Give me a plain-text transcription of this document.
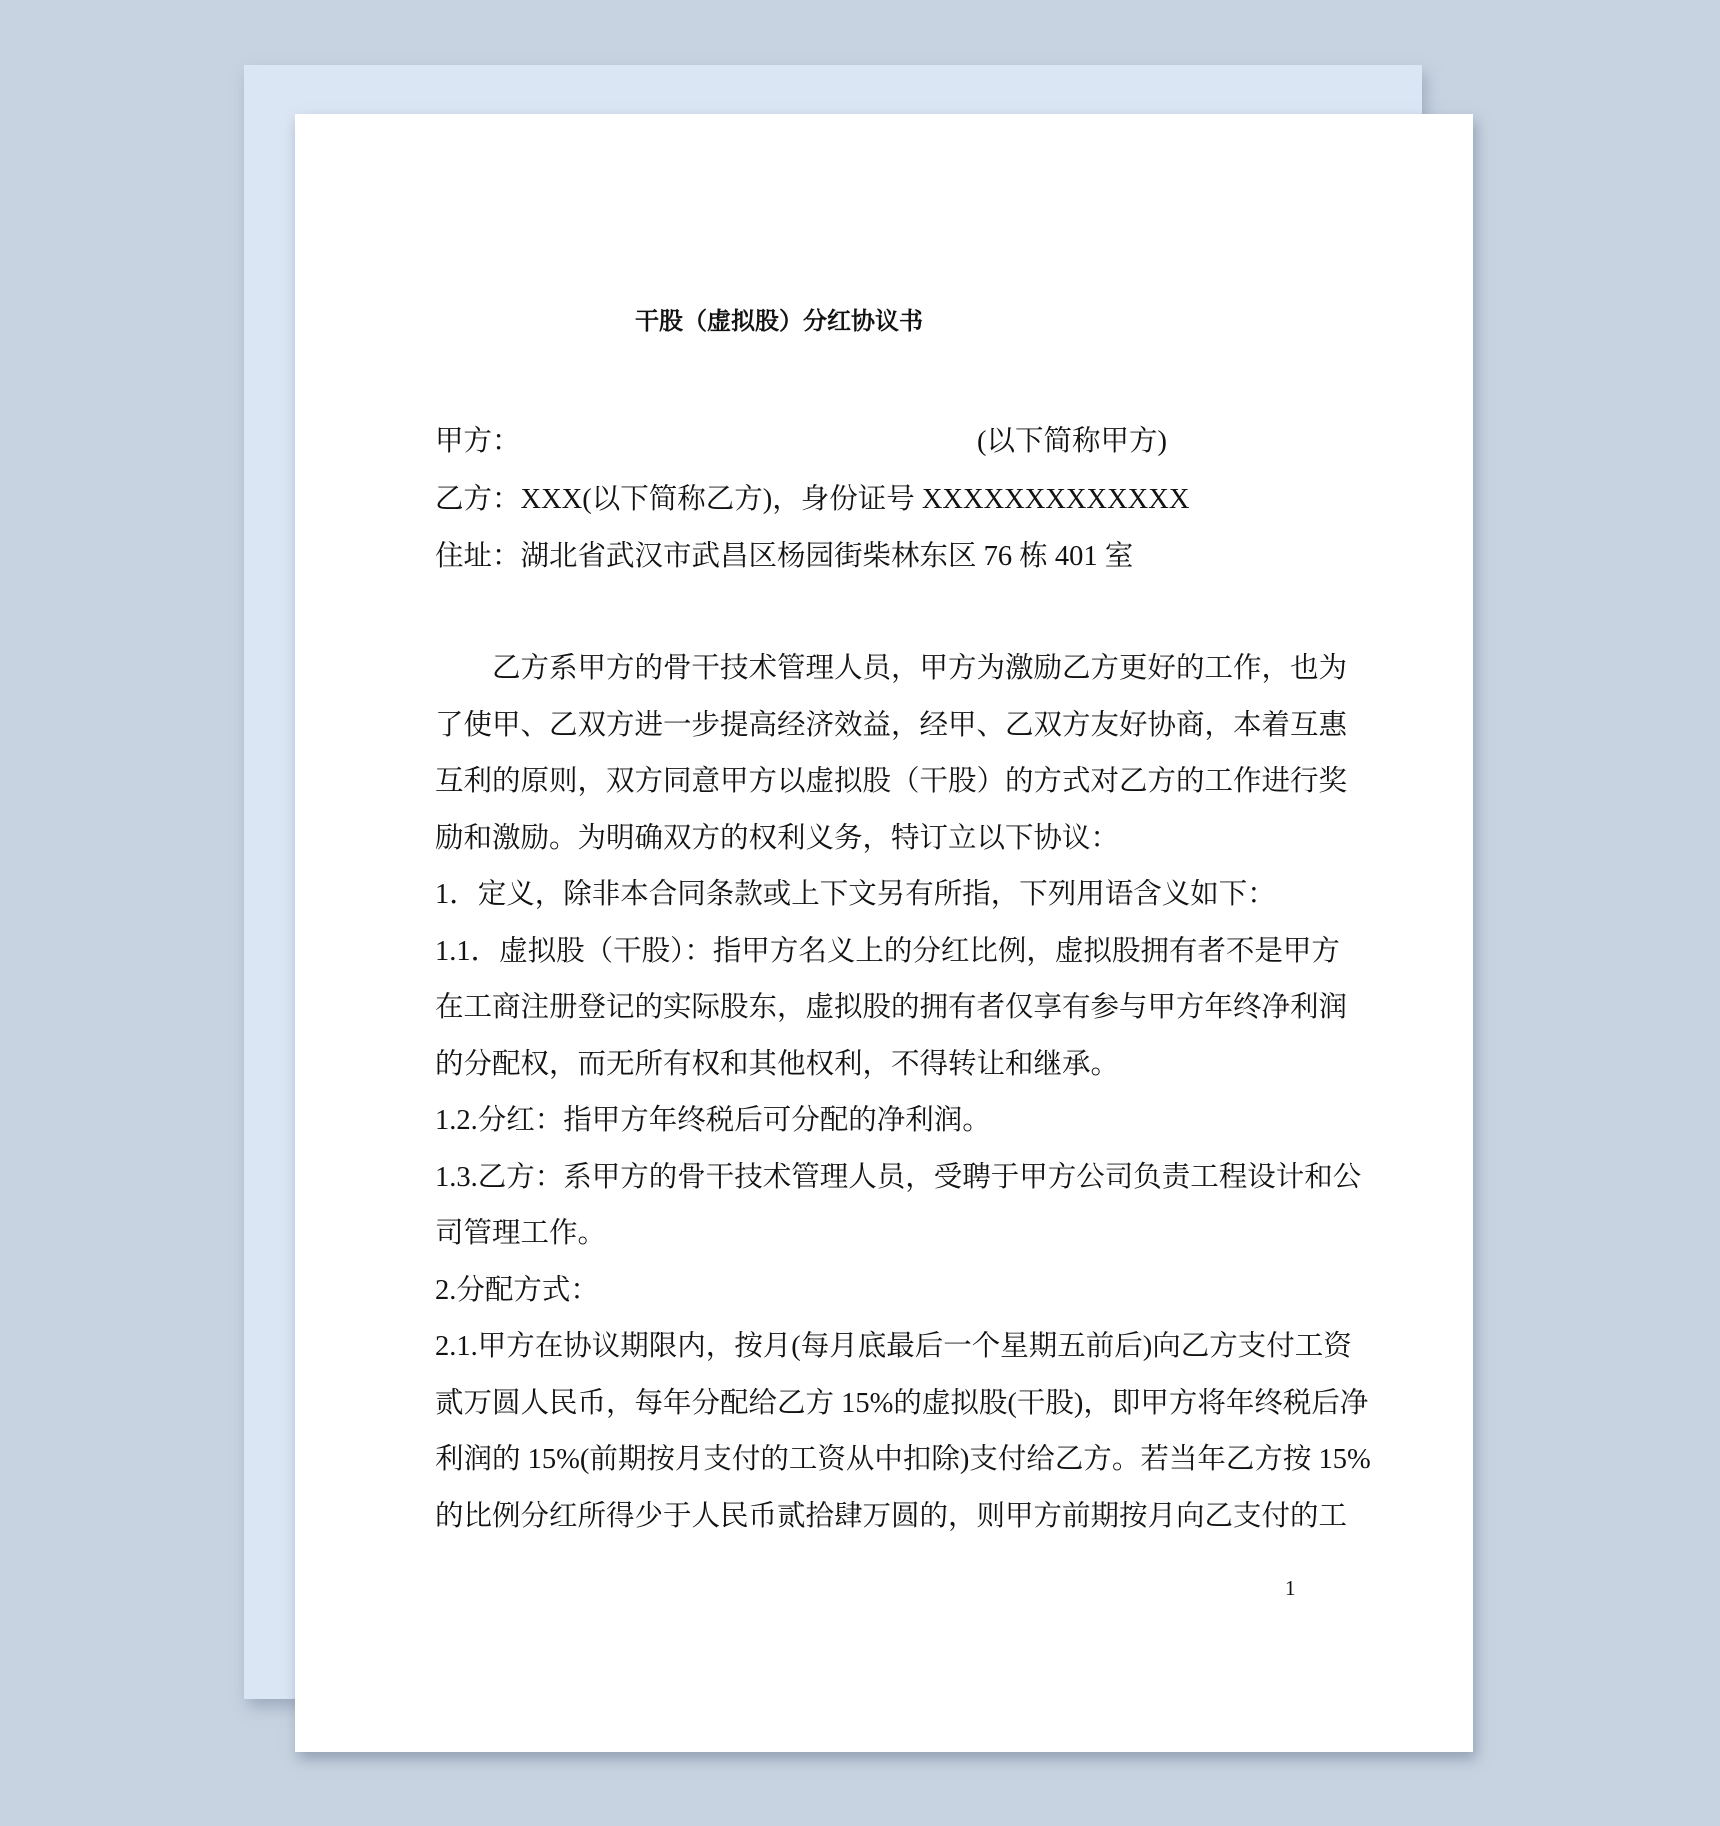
干股（虚拟股）分红协议书
甲方：	(以下简称甲方)
乙方：XXX(以下简称乙方)，身份证号 XXXXXXXXXXXXX
住址：湖北省武汉市武昌区杨园街柴林东区 76 栋 401 室
乙方系甲方的骨干技术管理人员，甲方为激励乙方更好的工作，也为
了使甲、乙双方进一步提高经济效益，经甲、乙双方友好协商，本着互惠
互利的原则，双方同意甲方以虚拟股（干股）的方式对乙方的工作进行奖
励和激励。为明确双方的权利义务，特订立以下协议：
1．定义，除非本合同条款或上下文另有所指，下列用语含义如下：
1.1．虚拟股（干股）：指甲方名义上的分红比例，虚拟股拥有者不是甲方
在工商注册登记的实际股东，虚拟股的拥有者仅享有参与甲方年终净利润
的分配权，而无所有权和其他权利，不得转让和继承。
1.2.分红：指甲方年终税后可分配的净利润。
1.3.乙方：系甲方的骨干技术管理人员，受聘于甲方公司负责工程设计和公
司管理工作。
2.分配方式：
2.1.甲方在协议期限内，按月(每月底最后一个星期五前后)向乙方支付工资
贰万圆人民币，每年分配给乙方 15%的虚拟股(干股)，即甲方将年终税后净
利润的 15%(前期按月支付的工资从中扣除)支付给乙方。若当年乙方按 15%
的比例分红所得少于人民币贰拾肆万圆的，则甲方前期按月向乙支付的工
1
